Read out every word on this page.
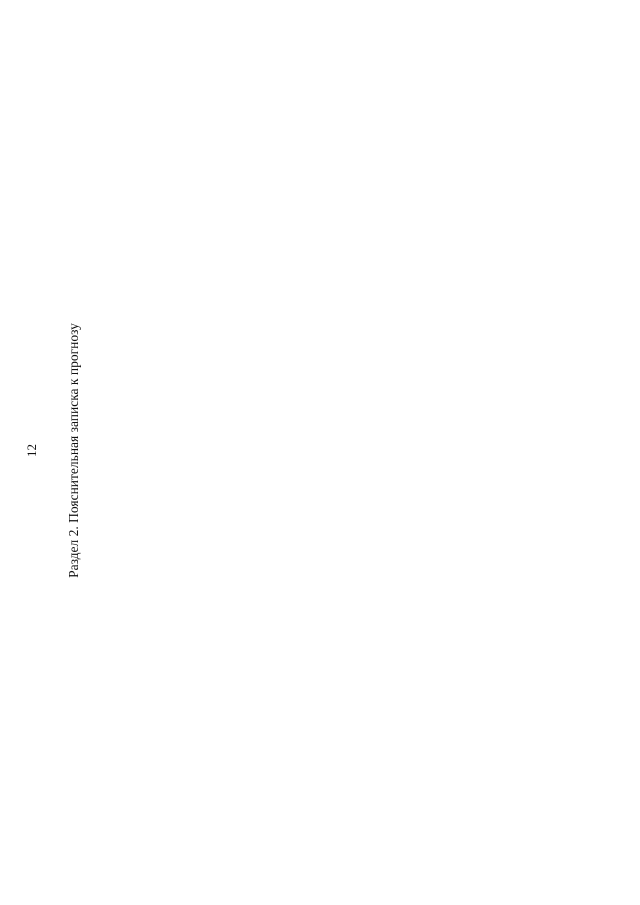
12	Раздел 2. Пояснительная записка к прогнозу
